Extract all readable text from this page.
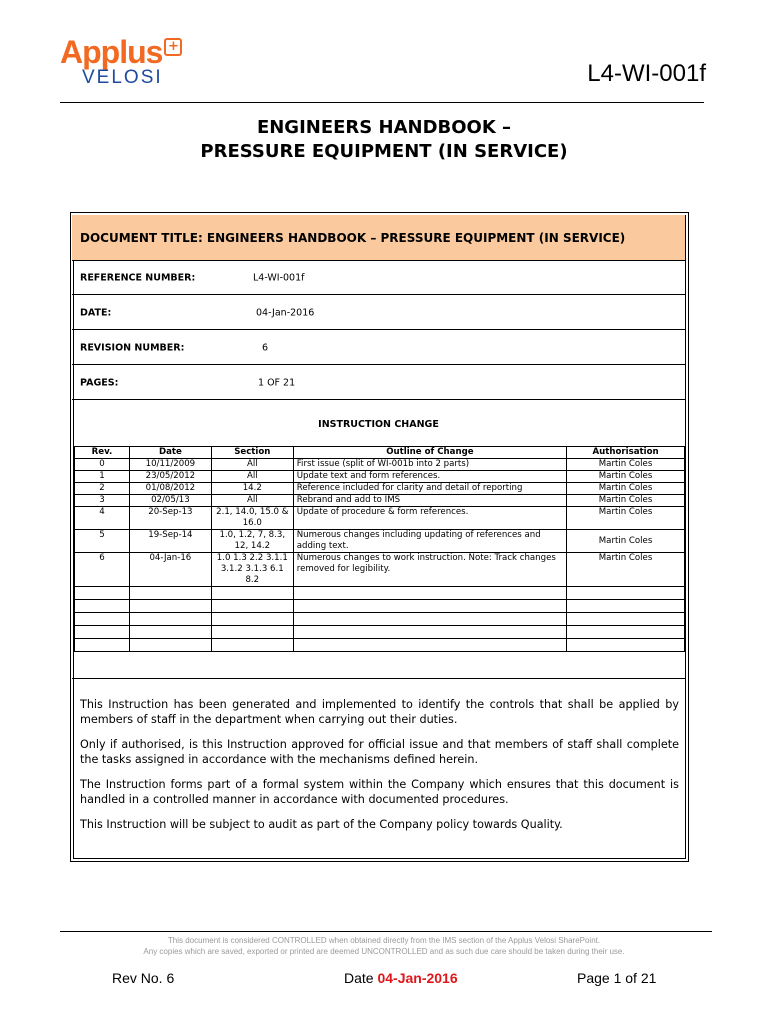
Applus +
VELOSI	L4-WI-001f
ENGINEERS HANDBOOK –
PRESSURE EQUIPMENT (IN SERVICE)
DOCUMENT TITLE: ENGINEERS HANDBOOK – PRESSURE EQUIPMENT (IN SERVICE)
REFERENCE NUMBER:	L4-WI-001f
DATE:	04-Jan-2016
REVISION NUMBER:	6
PAGES:	1 OF 21
INSTRUCTION CHANGE
Rev.	Date	Section	Outline of Change	Authorisation
0	10/11/2009	All	First issue (split of WI-001b into 2 parts)	Martin Coles
1	23/05/2012	All	Update text and form references.	Martin Coles
2	01/08/2012	14.2	Reference included for clarity and detail of reporting	Martin Coles
3	02/05/13	All	Rebrand and add to IMS	Martin Coles
4	20-Sep-13	2.1, 14.0, 15.0 & 16.0	Update of procedure & form references.	Martin Coles
5	19-Sep-14	1.0, 1.2, 7, 8.3, 12, 14.2	Numerous changes including updating of references and adding text.	Martin Coles
6	04-Jan-16	1.0 1.3 2.2 3.1.1 3.1.2 3.1.3 6.1 8.2	Numerous changes to work instruction. Note: Track changes removed for legibility.	Martin Coles

This Instruction has been generated and implemented to identify the controls that shall be applied by members of staff in the department when carrying out their duties.

Only if authorised, is this Instruction approved for official issue and that members of staff shall complete the tasks assigned in accordance with the mechanisms defined herein.

The Instruction forms part of a formal system within the Company which ensures that this document is handled in a controlled manner in accordance with documented procedures.

This Instruction will be subject to audit as part of the Company policy towards Quality.

This document is considered CONTROLLED when obtained directly from the IMS section of the Applus Velosi SharePoint.
Any copies which are saved, exported or printed are deemed UNCONTROLLED and as such due care should be taken during their use.
Rev No. 6	Date 04-Jan-2016	Page 1 of 21
